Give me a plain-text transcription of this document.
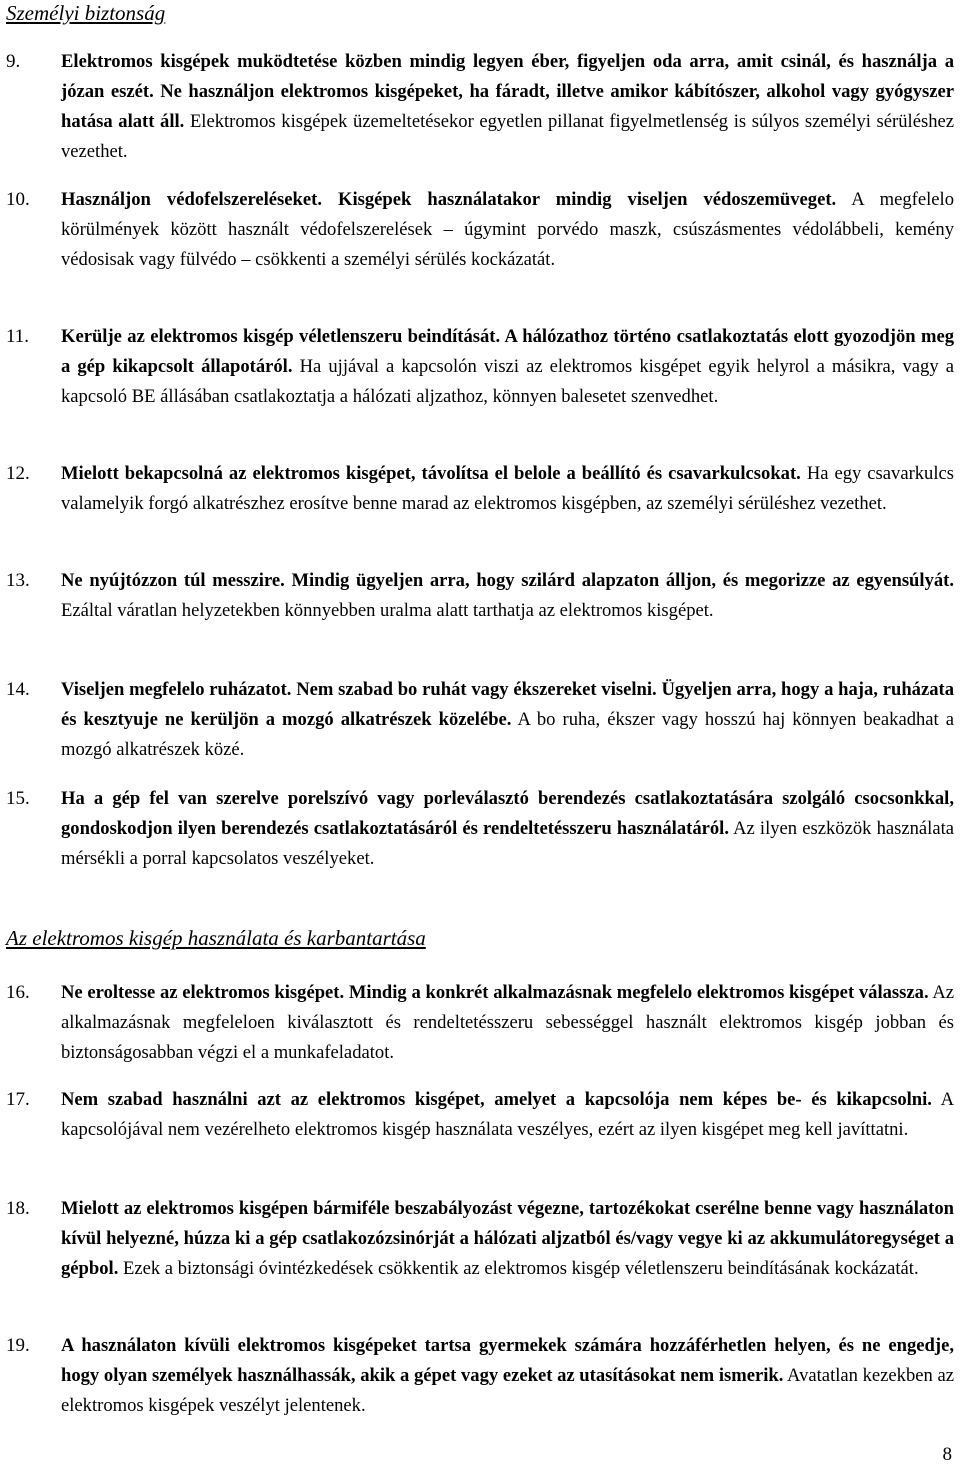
Személyi biztonság
9. Elektromos kisgépek muködtetése közben mindig legyen éber, figyeljen oda arra, amit csinál, és használja a józan eszét. Ne használjon elektromos kisgépeket, ha fáradt, illetve amikor kábítószer, alkohol vagy gyógyszer hatása alatt áll. Elektromos kisgépek üzemeltetésekor egyetlen pillanat figyelmetlenség is súlyos személyi sérüléshez vezethet.
10. Használjon védofelszereléseket. Kisgépek használatakor mindig viseljen védoszemüveget. A megfelelo körülmények között használt védofelszerelések – úgymint porvédo maszk, csúszásmentes védolábbeli, kemény védosisak vagy fülvédo – csökkenti a személyi sérülés kockázatát.
11. Kerülje az elektromos kisgép véletlenszeru beindítását. A hálózathoz történo csatlakoztatás elott gyozodjön meg a gép kikapcsolt állapotáról. Ha ujjával a kapcsolón viszi az elektromos kisgépet egyik helyrol a másikra, vagy a kapcsoló BE állásában csatlakoztatja a hálózati aljzathoz, könnyen balesetet szenvedhet.
12. Mielott bekapcsolná az elektromos kisgépet, távolítsa el belole a beállító és csavarkulcsokat. Ha egy csavarkulcs valamelyik forgó alkatrészhez erosítve benne marad az elektromos kisgépben, az személyi sérüléshez vezethet.
13. Ne nyújtózzon túl messzire. Mindig ügyeljen arra, hogy szilárd alapzaton álljon, és megorizze az egyensúlyát. Ezáltal váratlan helyzetekben könnyebben uralma alatt tarthatja az elektromos kisgépet.
14. Viseljen megfelelo ruházatot. Nem szabad bo ruhát vagy ékszereket viselni. Ügyeljen arra, hogy a haja, ruházata és kesztyuje ne kerüljön a mozgó alkatrészek közelébe. A bo ruha, ékszer vagy hosszú haj könnyen beakadhat a mozgó alkatrészek közé.
15. Ha a gép fel van szerelve porelszívó vagy porleválasztó berendezés csatlakoztatására szolgáló csocsonkkal, gondoskodjon ilyen berendezés csatlakoztatásáról és rendeltetésszeru használatáról. Az ilyen eszközök használata mérsékli a porral kapcsolatos veszélyeket.
Az elektromos kisgép használata és karbantartása
16. Ne eroltesse az elektromos kisgépet. Mindig a konkrét alkalmazásnak megfelelo elektromos kisgépet válassza. Az alkalmazásnak megfeleloen kiválasztott és rendeltetésszeru sebességgel használt elektromos kisgép jobban és biztonságosabban végzi el a munkafeladatot.
17. Nem szabad használni azt az elektromos kisgépet, amelyet a kapcsolója nem képes be- és kikapcsolni. A kapcsolójával nem vezérelheto elektromos kisgép használata veszélyes, ezért az ilyen kisgépet meg kell javíttatni.
18. Mielott az elektromos kisgépen bármiféle beszabályozást végezne, tartozékokat cserélne benne vagy használaton kívül helyezné, húzza ki a gép csatlakozózsinórját a hálózati aljzatból és/vagy vegye ki az akkumulátoregységet a gépbol. Ezek a biztonsági óvintézkedések csökkentik az elektromos kisgép véletlenszeru beindításának kockázatát.
19. A használaton kívüli elektromos kisgépeket tartsa gyermekek számára hozzáférhetlen helyen, és ne engedje, hogy olyan személyek használhassák, akik a gépet vagy ezeket az utasításokat nem ismerik. Avatatlan kezekben az elektromos kisgépek veszélyt jelentenek.
8
